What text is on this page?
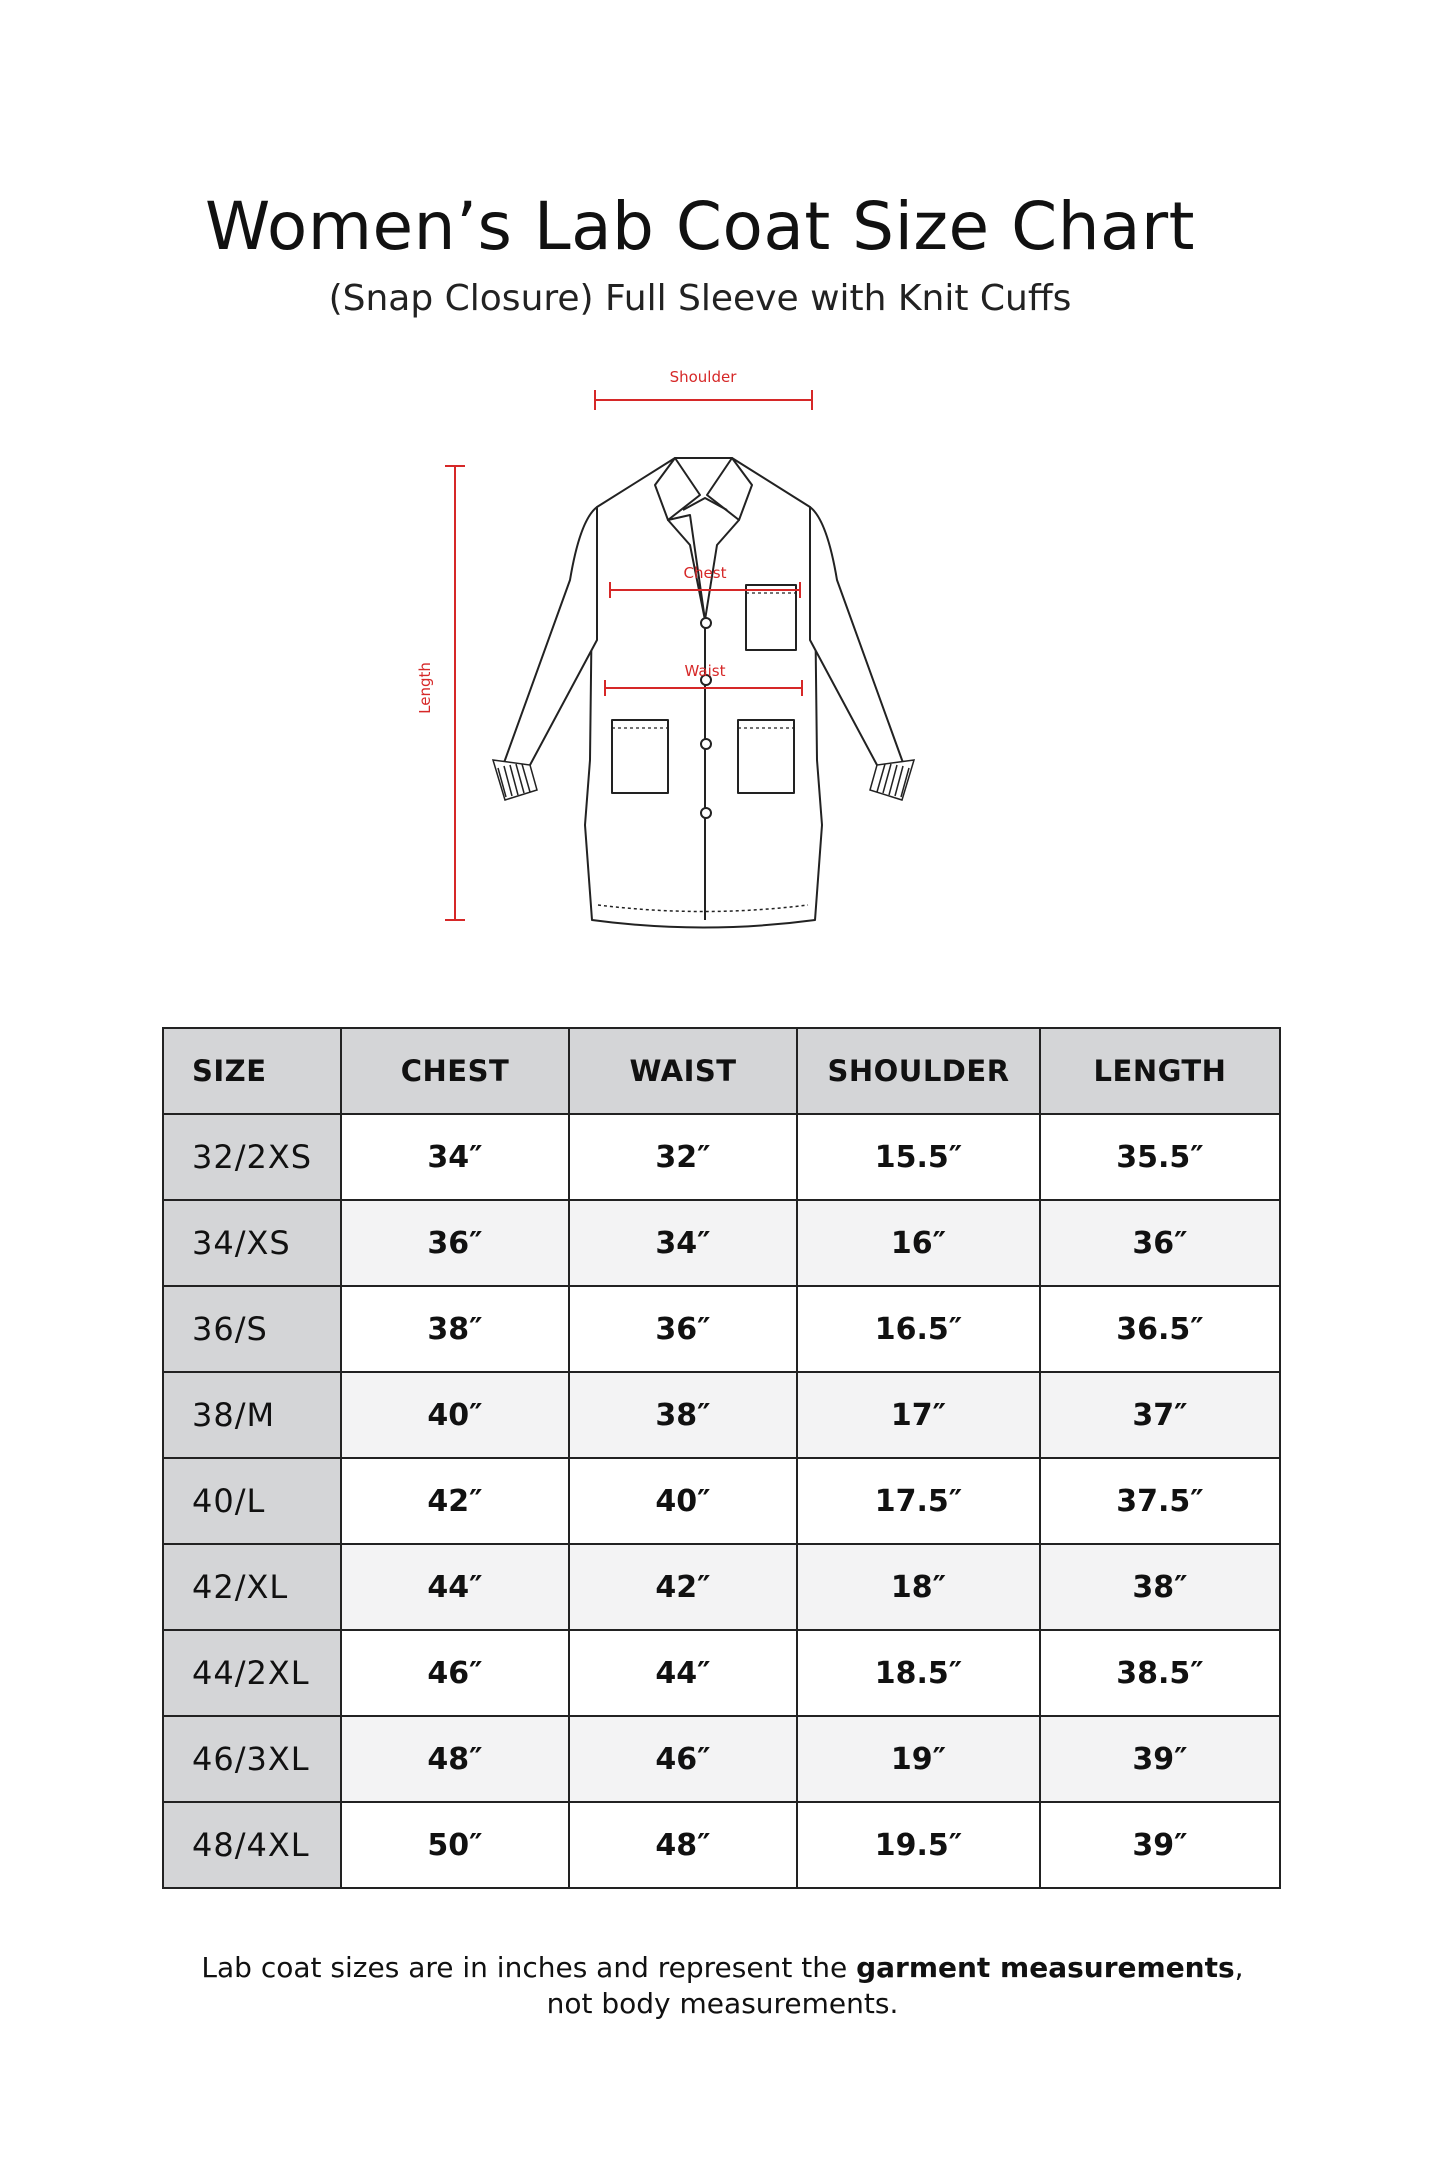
Women’s Lab Coat Size Chart
(Snap Closure) Full Sleeve with Knit Cuffs
Shoulder
Length
Chest
Waist
SIZE	CHEST	WAIST	SHOULDER	LENGTH
32/2XS	34″	32″	15.5″	35.5″
34/XS	36″	34″	16″	36″
36/S	38″	36″	16.5″	36.5″
38/M	40″	38″	17″	37″
40/L	42″	40″	17.5″	37.5″
42/XL	44″	42″	18″	38″
44/2XL	46″	44″	18.5″	38.5″
46/3XL	48″	46″	19″	39″
48/4XL	50″	48″	19.5″	39″
Lab coat sizes are in inches and represent the garment measurements,
not body measurements.
